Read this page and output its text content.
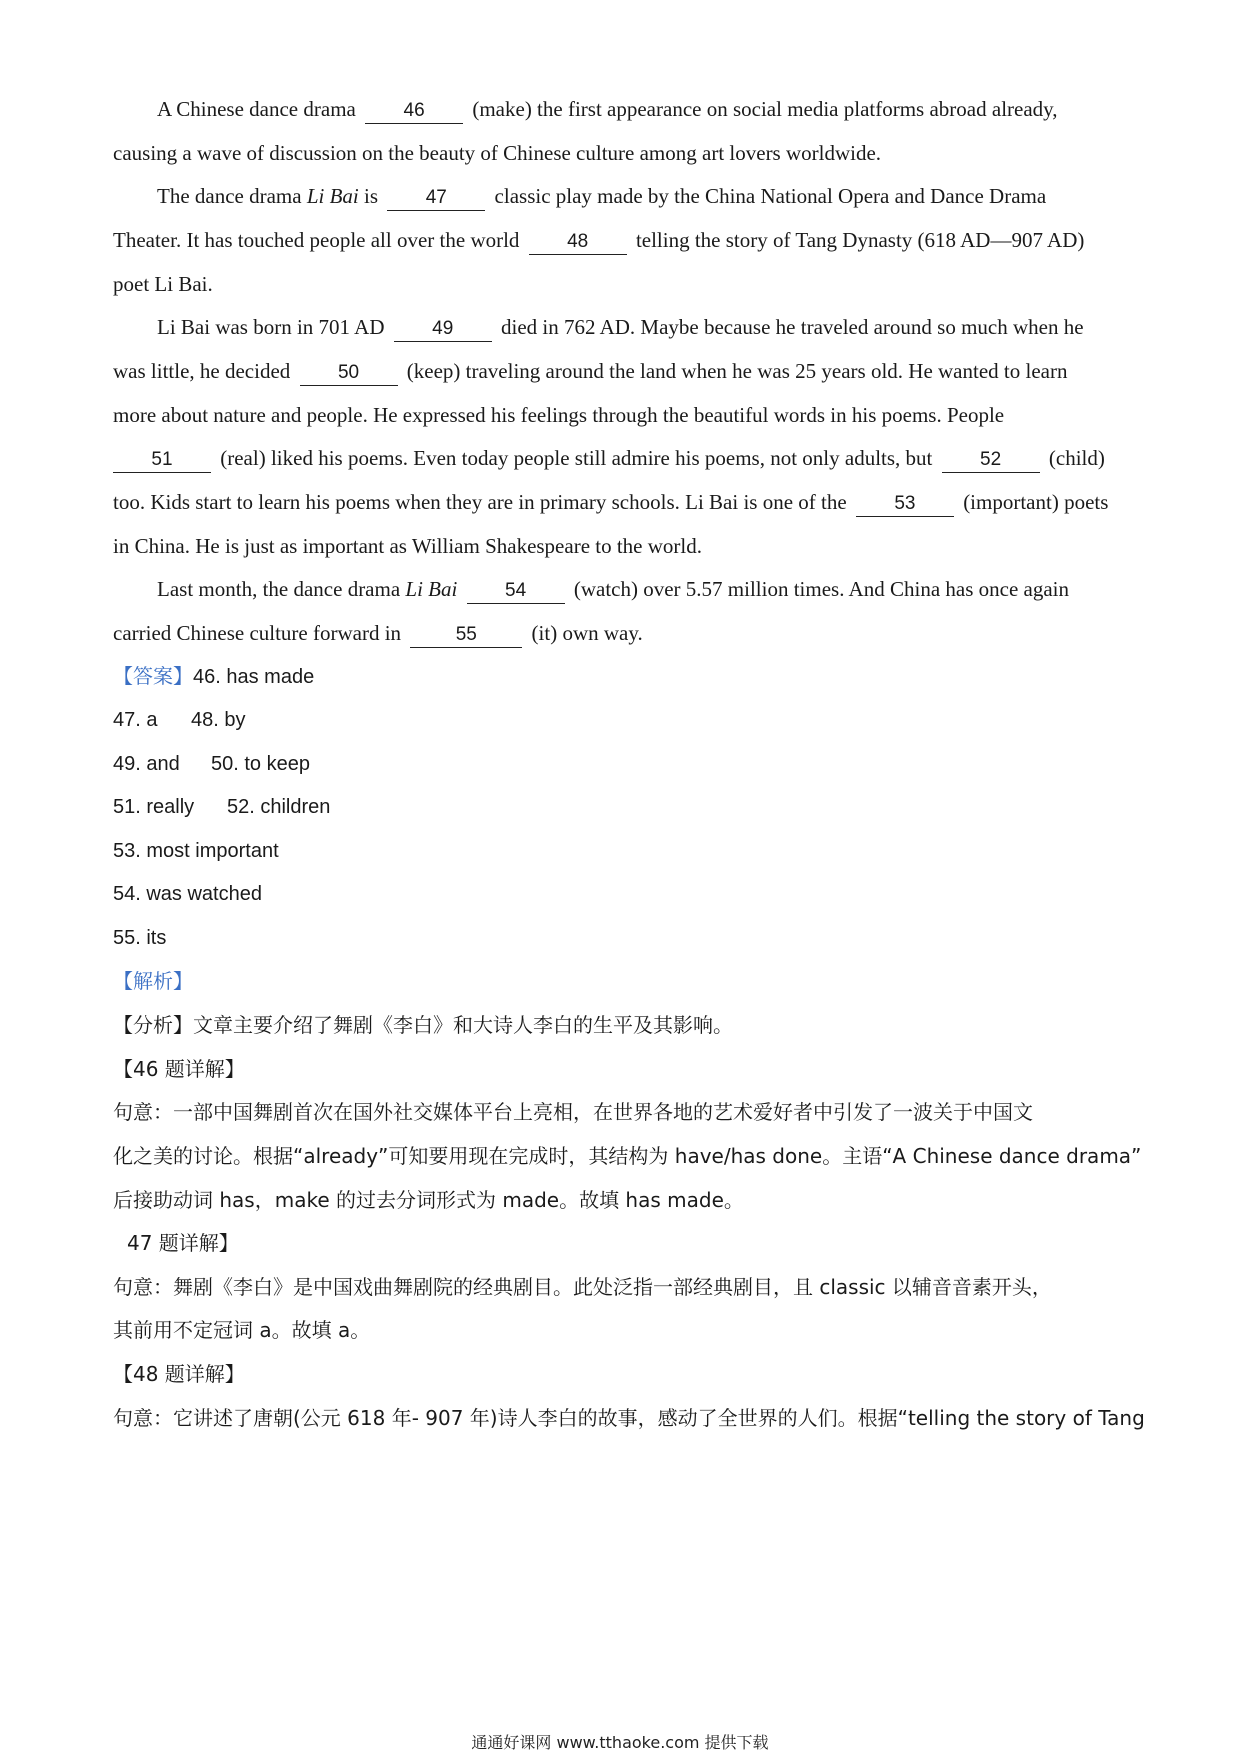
A Chinese dance drama	46 (make) the first appearance on social media platforms abroad already,
causing a wave of discussion on the beauty of Chinese culture among art lovers worldwide.
The dance drama Li Bai is	47 classic play made by the China National Opera and Dance Drama
Theater. It has touched people all over the world	48 telling the story of Tang Dynasty (618 AD—907 AD)
poet Li Bai.
Li Bai was born in 701 AD	49 died in 762 AD. Maybe because he traveled around so much when he
was little, he decided	50 (keep) traveling around the land when he was 25 years old. He wanted to learn
more about nature and people. He expressed his feelings through the beautiful words in his poems. People
51 (real) liked his poems. Even today people still admire his poems, not only adults, but	52 (child)
too. Kids start to learn his poems when they are in primary schools. Li Bai is one of the	53 (important) poets
in China. He is just as important as William Shakespeare to the world.
Last month, the dance drama Li Bai	54 (watch) over 5.57 million times. And China has once again
carried Chinese culture forward in	55	(it) own way.
【答案】46. has made
47. a 48. by
49. and 50. to keep
51. really 52. children
53. most important
54. was watched
55. its
【解析】
【分析】文章主要介绍了舞剧《李白》和大诗人李白的生平及其影响。
【46 题详解】
句意：一部中国舞剧首次在国外社交媒体平台上亮相，在世界各地的艺术爱好者中引发了一波关于中国文
化之美的讨论。根据“already”可知要用现在完成时，其结构为 have/has done。主语“A Chinese dance drama”
后接助动词 has，make 的过去分词形式为 made。故填 has made。
47 题详解】
句意：舞剧《李白》是中国戏曲舞剧院的经典剧目。此处泛指一部经典剧目，且 classic 以辅音音素开头，
其前用不定冠词 a。故填 a。
【48 题详解】
句意：它讲述了唐朝(公元 618 年- 907 年)诗人李白的故事，感动了全世界的人们。根据“telling the story of Tang
通通好课网 www.tthaoke.com 提供下载
